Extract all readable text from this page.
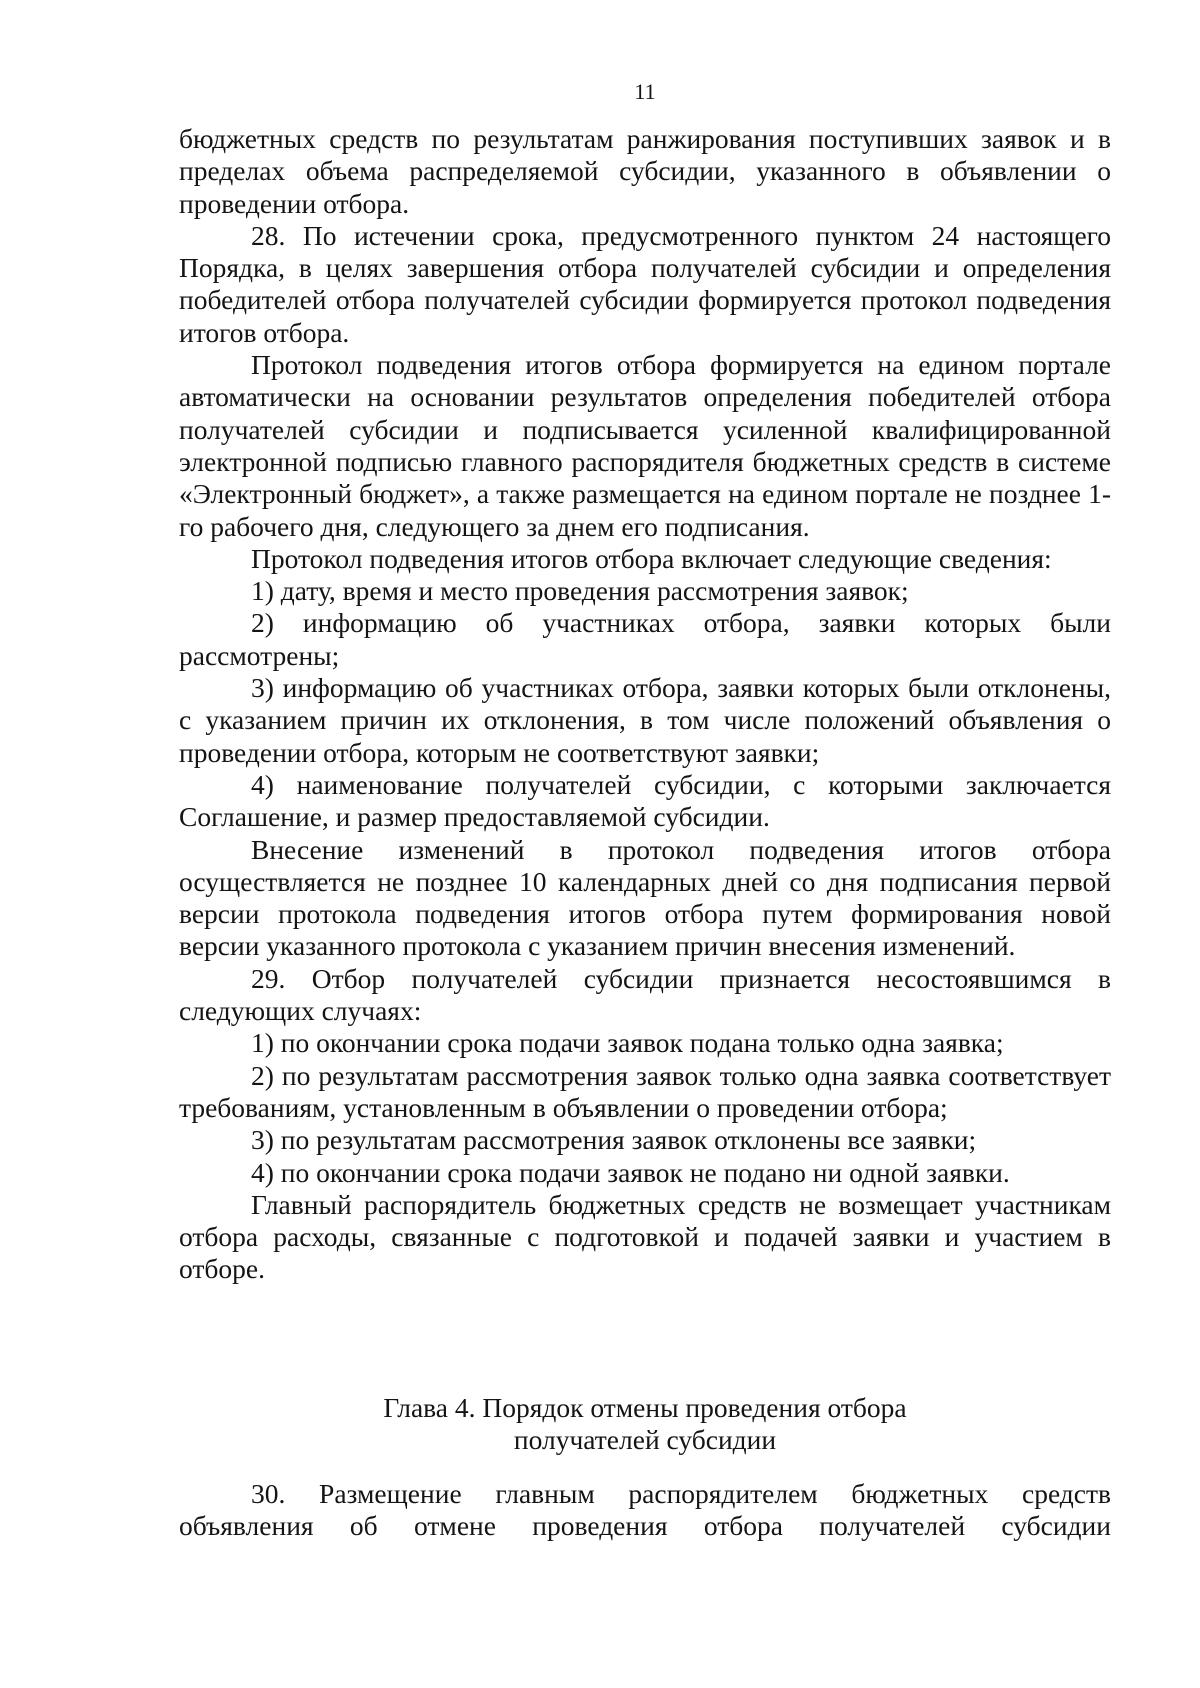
11

бюджетных средств по результатам ранжирования поступивших заявок и в

пределах объема распределяемой субсидии, указанного в объявлении о

проведении отбора.

28. По истечении срока, предусмотренного пунктом 24 настоящего Порядка, в целях завершения отбора получателей субсидии и определения победителей отбора получателей субсидии формируется протокол подведения итогов отбора.

Протокол подведения итогов отбора формируется на едином портале автоматически на основании результатов определения победителей отбора получателей субсидии и подписывается усиленной квалифицированной электронной подписью главного распорядителя бюджетных средств в системе «Электронный бюджет», а также размещается на едином портале не позднее 1-го рабочего дня, следующего за днем его подписания.

Протокол подведения итогов отбора включает следующие сведения:

1) дату, время и место проведения рассмотрения заявок;

2) информацию об участниках отбора, заявки которых были рассмотрены;

3) информацию об участниках отбора, заявки которых были отклонены, с указанием причин их отклонения, в том числе положений объявления о проведении отбора, которым не соответствуют заявки;

4) наименование получателей субсидии, с которыми заключается Соглашение, и размер предоставляемой субсидии.

Внесение изменений в протокол подведения итогов отбора осуществляется не позднее 10 календарных дней со дня подписания первой версии протокола подведения итогов отбора путем формирования новой версии указанного протокола с указанием причин внесения изменений.

29. Отбор получателей субсидии признается несостоявшимся в следующих случаях:

1) по окончании срока подачи заявок подана только одна заявка;

2) по результатам рассмотрения заявок только одна заявка соответствует требованиям, установленным в объявлении о проведении отбора;

3) по результатам рассмотрения заявок отклонены все заявки;

4) по окончании срока подачи заявок не подано ни одной заявки.

Главный распорядитель бюджетных средств не возмещает участникам отбора расходы, связанные с подготовкой и подачей заявки и участием в отборе.

Глава 4. Порядок отмены проведения отбора
получателей субсидии

30. Размещение главным распорядителем бюджетных средств объявления об отмене проведения отбора получателей субсидии
